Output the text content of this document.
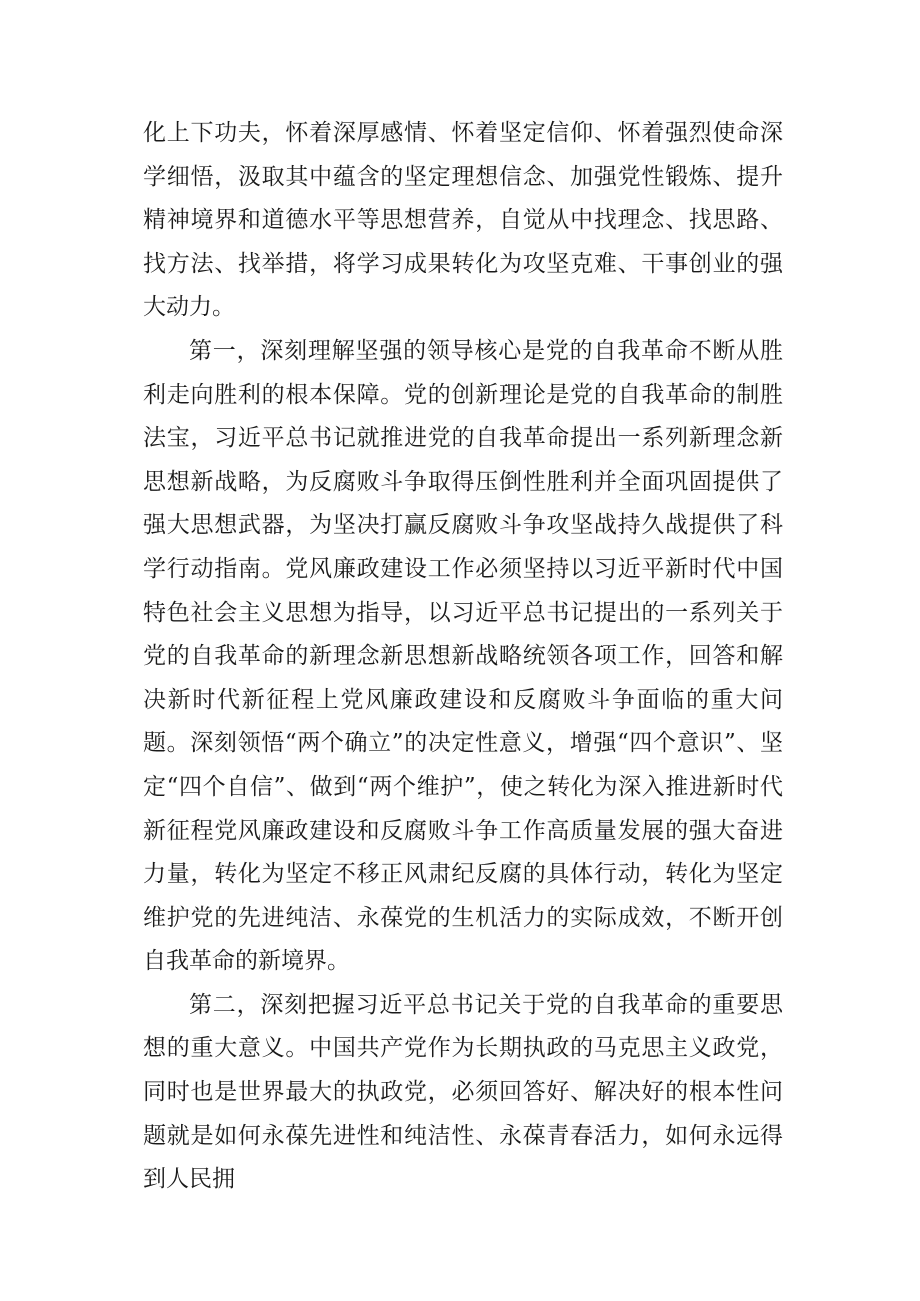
化上下功夫，怀着深厚感情、怀着坚定信仰、怀着强烈使命深学细悟，汲取其中蕴含的坚定理想信念、加强党性锻炼、提升精神境界和道德水平等思想营养，自觉从中找理念、找思路、找方法、找举措，将学习成果转化为攻坚克难、干事创业的强大动力。

第一，深刻理解坚强的领导核心是党的自我革命不断从胜利走向胜利的根本保障。党的创新理论是党的自我革命的制胜法宝，习近平总书记就推进党的自我革命提出一系列新理念新思想新战略，为反腐败斗争取得压倒性胜利并全面巩固提供了强大思想武器，为坚决打赢反腐败斗争攻坚战持久战提供了科学行动指南。党风廉政建设工作必须坚持以习近平新时代中国特色社会主义思想为指导，以习近平总书记提出的一系列关于党的自我革命的新理念新思想新战略统领各项工作，回答和解决新时代新征程上党风廉政建设和反腐败斗争面临的重大问题。深刻领悟“两个确立”的决定性意义，增强“四个意识”、坚定“四个自信”、做到“两个维护”，使之转化为深入推进新时代新征程党风廉政建设和反腐败斗争工作高质量发展的强大奋进力量，转化为坚定不移正风肃纪反腐的具体行动，转化为坚定维护党的先进纯洁、永葆党的生机活力的实际成效，不断开创自我革命的新境界。

第二，深刻把握习近平总书记关于党的自我革命的重要思想的重大意义。中国共产党作为长期执政的马克思主义政党，同时也是世界最大的执政党，必须回答好、解决好的根本性问题就是如何永葆先进性和纯洁性、永葆青春活力，如何永远得到人民拥
